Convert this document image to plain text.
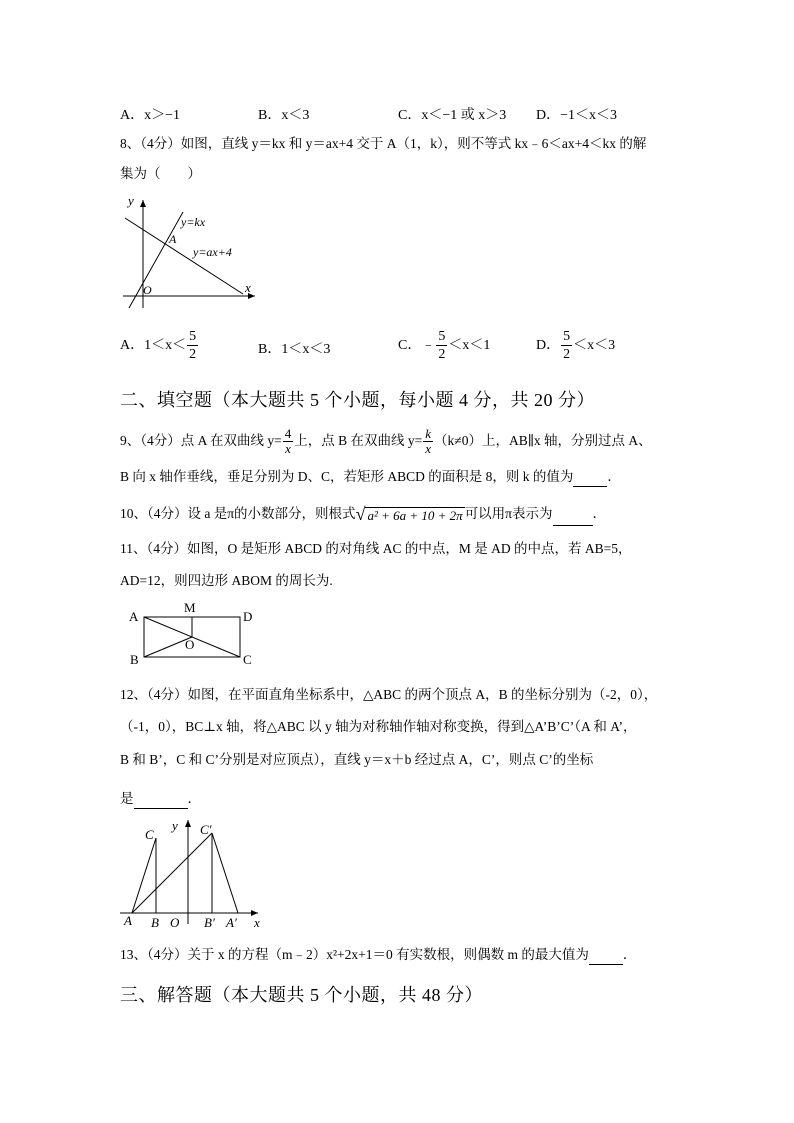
A．x＞−1	B．x＜3	C．x＜−1 或 x＞3 D．−1＜x＜3
8、（4分）如图，直线 y＝kx 和 y＝ax+4 交于 A（1，k），则不等式 kx﹣6＜ax+4＜kx 的解
集为（　　）
y
x
O
A
y=kx
y=ax+4
A．$1<x< \frac{5}{2}$	B．1＜x＜3	C．﹣ $\frac{5}{2} <x<1$	D． $\frac{5}{2} <x<3$
二、填空题（本大题共 5 个小题，每小题 4 分，共 20 分）
9、（4分）点 A 在双曲线 $y= \frac{4}{x}$ 上，点 B 在双曲线 $y= \frac{k}{x} (k\ne 0)$上，AB∥x 轴，分别过点 A、
B 向 x 轴作垂线，垂足分别为 D、C，若矩形 ABCD 的面积是 8，则 k 的值为	．
10、（4分）设 a 是π的小数部分，则根式√ a² + 6a + 10 + 2π 可以用π表示为	．
11、（4分）如图，O 是矩形 ABCD 的对角线 AC 的中点，M 是 AD 的中点，若 AB=5，
AD=12，则四边形 ABOM 的周长为.
A
M
D
B
O
C
12、（4分）如图，在平面直角坐标系中，△ABC 的两个顶点 A，B 的坐标分别为（-2，0），
（-1，0），BC⊥x 轴，将△ABC 以 y 轴为对称轴作轴对称变换，得到△A’B’C’（A 和 A’，
B 和 B’，C 和 C’分别是对应顶点），直线 y＝x＋b 经过点 A，C’，则点 C’的坐标
是	．
C
y C′
A B O B′ A′ x
13、（4分）关于 x 的方程（m﹣2）x²+2x+1＝0 有实数根，则偶数 m 的最大值为	．
三、解答题（本大题共 5 个小题，共 48 分）
